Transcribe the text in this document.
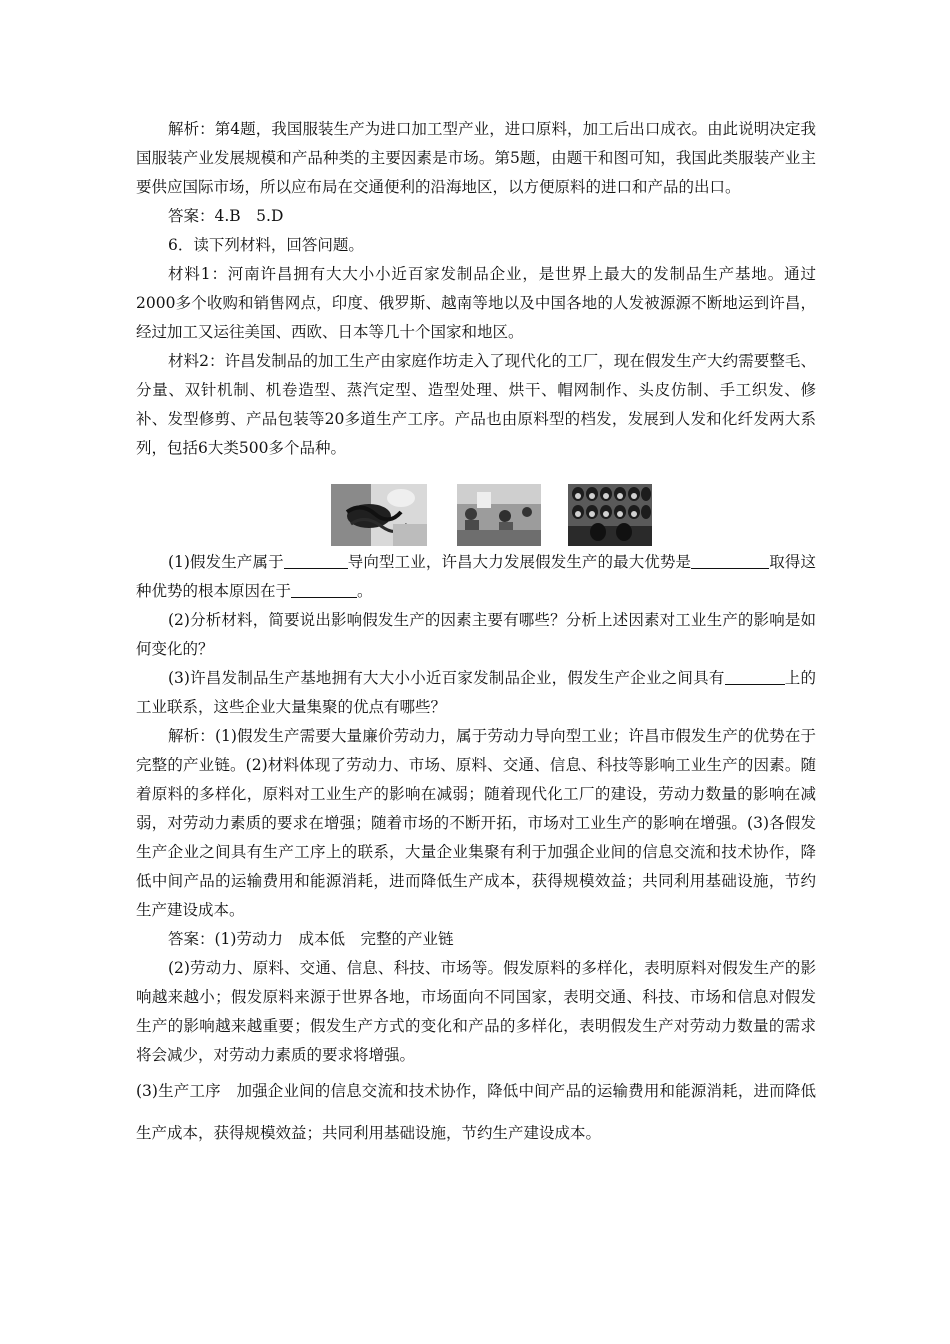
解析：第4题，我国服装生产为进口加工型产业，进口原料，加工后出口成衣。由此说明决定我国服装产业发展规模和产品种类的主要因素是市场。第5题，由题干和图可知，我国此类服装产业主要供应国际市场，所以应布局在交通便利的沿海地区，以方便原料的进口和产品的出口。

答案：4.B　5.D

6．读下列材料，回答问题。

材料1：河南许昌拥有大大小小近百家发制品企业，是世界上最大的发制品生产基地。通过2000多个收购和销售网点，印度、俄罗斯、越南等地以及中国各地的人发被源源不断地运到许昌，经过加工又运往美国、西欧、日本等几十个国家和地区。

材料2：许昌发制品的加工生产由家庭作坊走入了现代化的工厂，现在假发生产大约需要整毛、分量、双针机制、机卷造型、蒸汽定型、造型处理、烘干、帽网制作、头皮仿制、手工织发、修补、发型修剪、产品包装等20多道生产工序。产品也由原料型的档发，发展到人发和化纤发两大系列，包括6大类500多个品种。

(1)假发生产属于	导向型工业，许昌大力发展假发生产的最大优势是	取得这种优势的根本原因在于	。

(2)分析材料，简要说出影响假发生产的因素主要有哪些？分析上述因素对工业生产的影响是如何变化的？

(3)许昌发制品生产基地拥有大大小小近百家发制品企业，假发生产企业之间具有	上的工业联系，这些企业大量集聚的优点有哪些？

解析：(1)假发生产需要大量廉价劳动力，属于劳动力导向型工业；许昌市假发生产的优势在于完整的产业链。(2)材料体现了劳动力、市场、原料、交通、信息、科技等影响工业生产的因素。随着原料的多样化，原料对工业生产的影响在减弱；随着现代化工厂的建设，劳动力数量的影响在减弱，对劳动力素质的要求在增强；随着市场的不断开拓，市场对工业生产的影响在增强。(3)各假发生产企业之间具有生产工序上的联系，大量企业集聚有利于加强企业间的信息交流和技术协作，降低中间产品的运输费用和能源消耗，进而降低生产成本，获得规模效益；共同利用基础设施，节约生产建设成本。

答案：(1)劳动力　成本低　完整的产业链

(2)劳动力、原料、交通、信息、科技、市场等。假发原料的多样化，表明原料对假发生产的影响越来越小；假发原料来源于世界各地，市场面向不同国家，表明交通、科技、市场和信息对假发生产的影响越来越重要；假发生产方式的变化和产品的多样化，表明假发生产对劳动力数量的需求将会减少，对劳动力素质的要求将增强。

(3)生产工序　加强企业间的信息交流和技术协作，降低中间产品的运输费用和能源消耗，进而降低生产成本，获得规模效益；共同利用基础设施，节约生产建设成本。
